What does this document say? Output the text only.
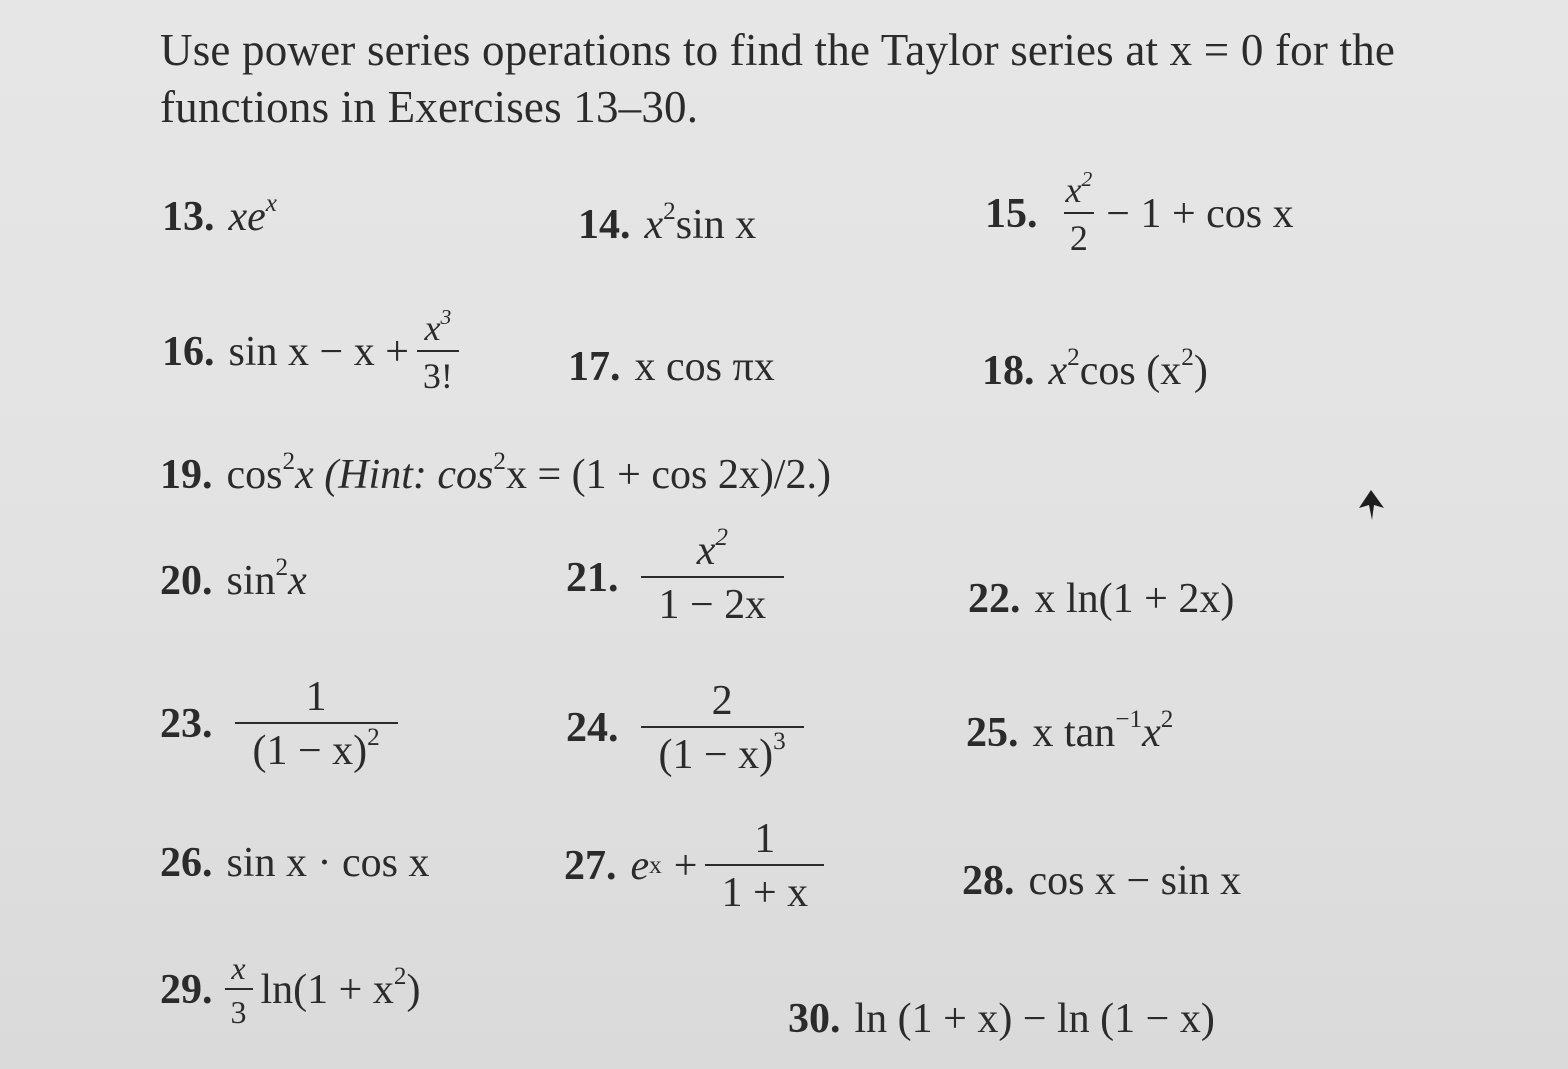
Use power series operations to find the Taylor series at x = 0 for the
functions in Exercises 13–30.
13. $xe^x$	14. $x^2\sin$ x	15. $\frac{x^2}{2} - 1 + \cos x$
16. $\sin x - x + \frac{x^3}{3!}$	17. x cos πx	18. $x^2\cos$ $(x^2)$
19. $\cos^2x$ (Hint: $\cos^2x = (1 + \cos 2x)/2$.)
20. $\sin^2x$	21. $\frac{x^2}{1 - 2x}$	22. x ln(1 + 2x)
23. $\frac{1}{(1 - x)^2}$	24. $\frac{2}{(1 - x)^3}$	25. x $\tan^{-1}x^2$
26. sin x · cos x	27. e $x + \frac{1}{1 + x}$	28. cos x − sin x
29. $\frac{x}{3} \ln(1 + x^2)$
30. ln (1 + x) − ln (1 − x)
